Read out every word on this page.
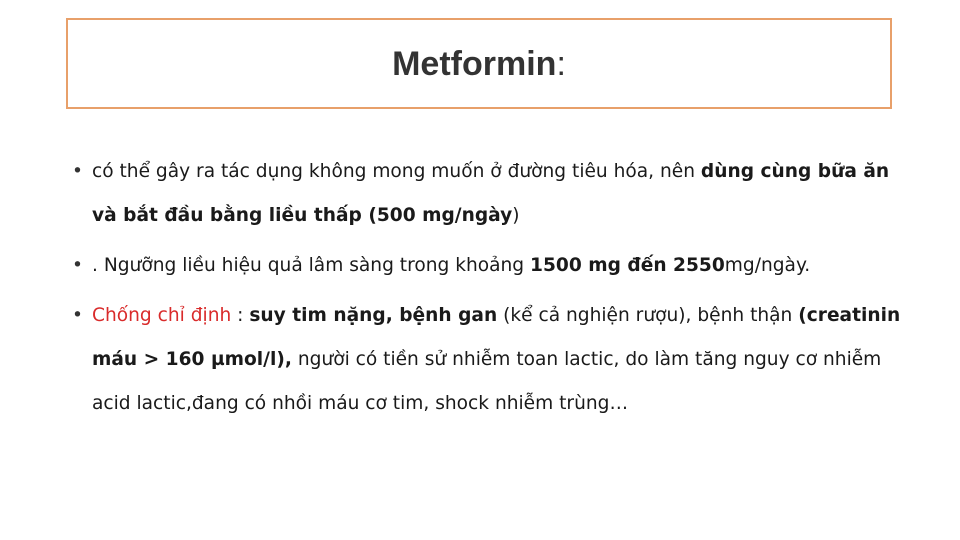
Metformin:
• có thể gây ra tác dụng không mong muốn ở đường tiêu hóa, nên dùng cùng bữa ăn và bắt đầu bằng liều thấp (500 mg/ngày)
• . Ngưỡng liều hiệu quả lâm sàng trong khoảng 1500 mg đến 2550mg/ngày.
• Chống chỉ định : suy tim nặng, bệnh gan (kể cả nghiện rượu), bệnh thận (creatinin máu > 160 µmol/l), người có tiền sử nhiễm toan lactic, do làm tăng nguy cơ nhiễm acid lactic,đang có nhồi máu cơ tim, shock nhiễm trùng…
